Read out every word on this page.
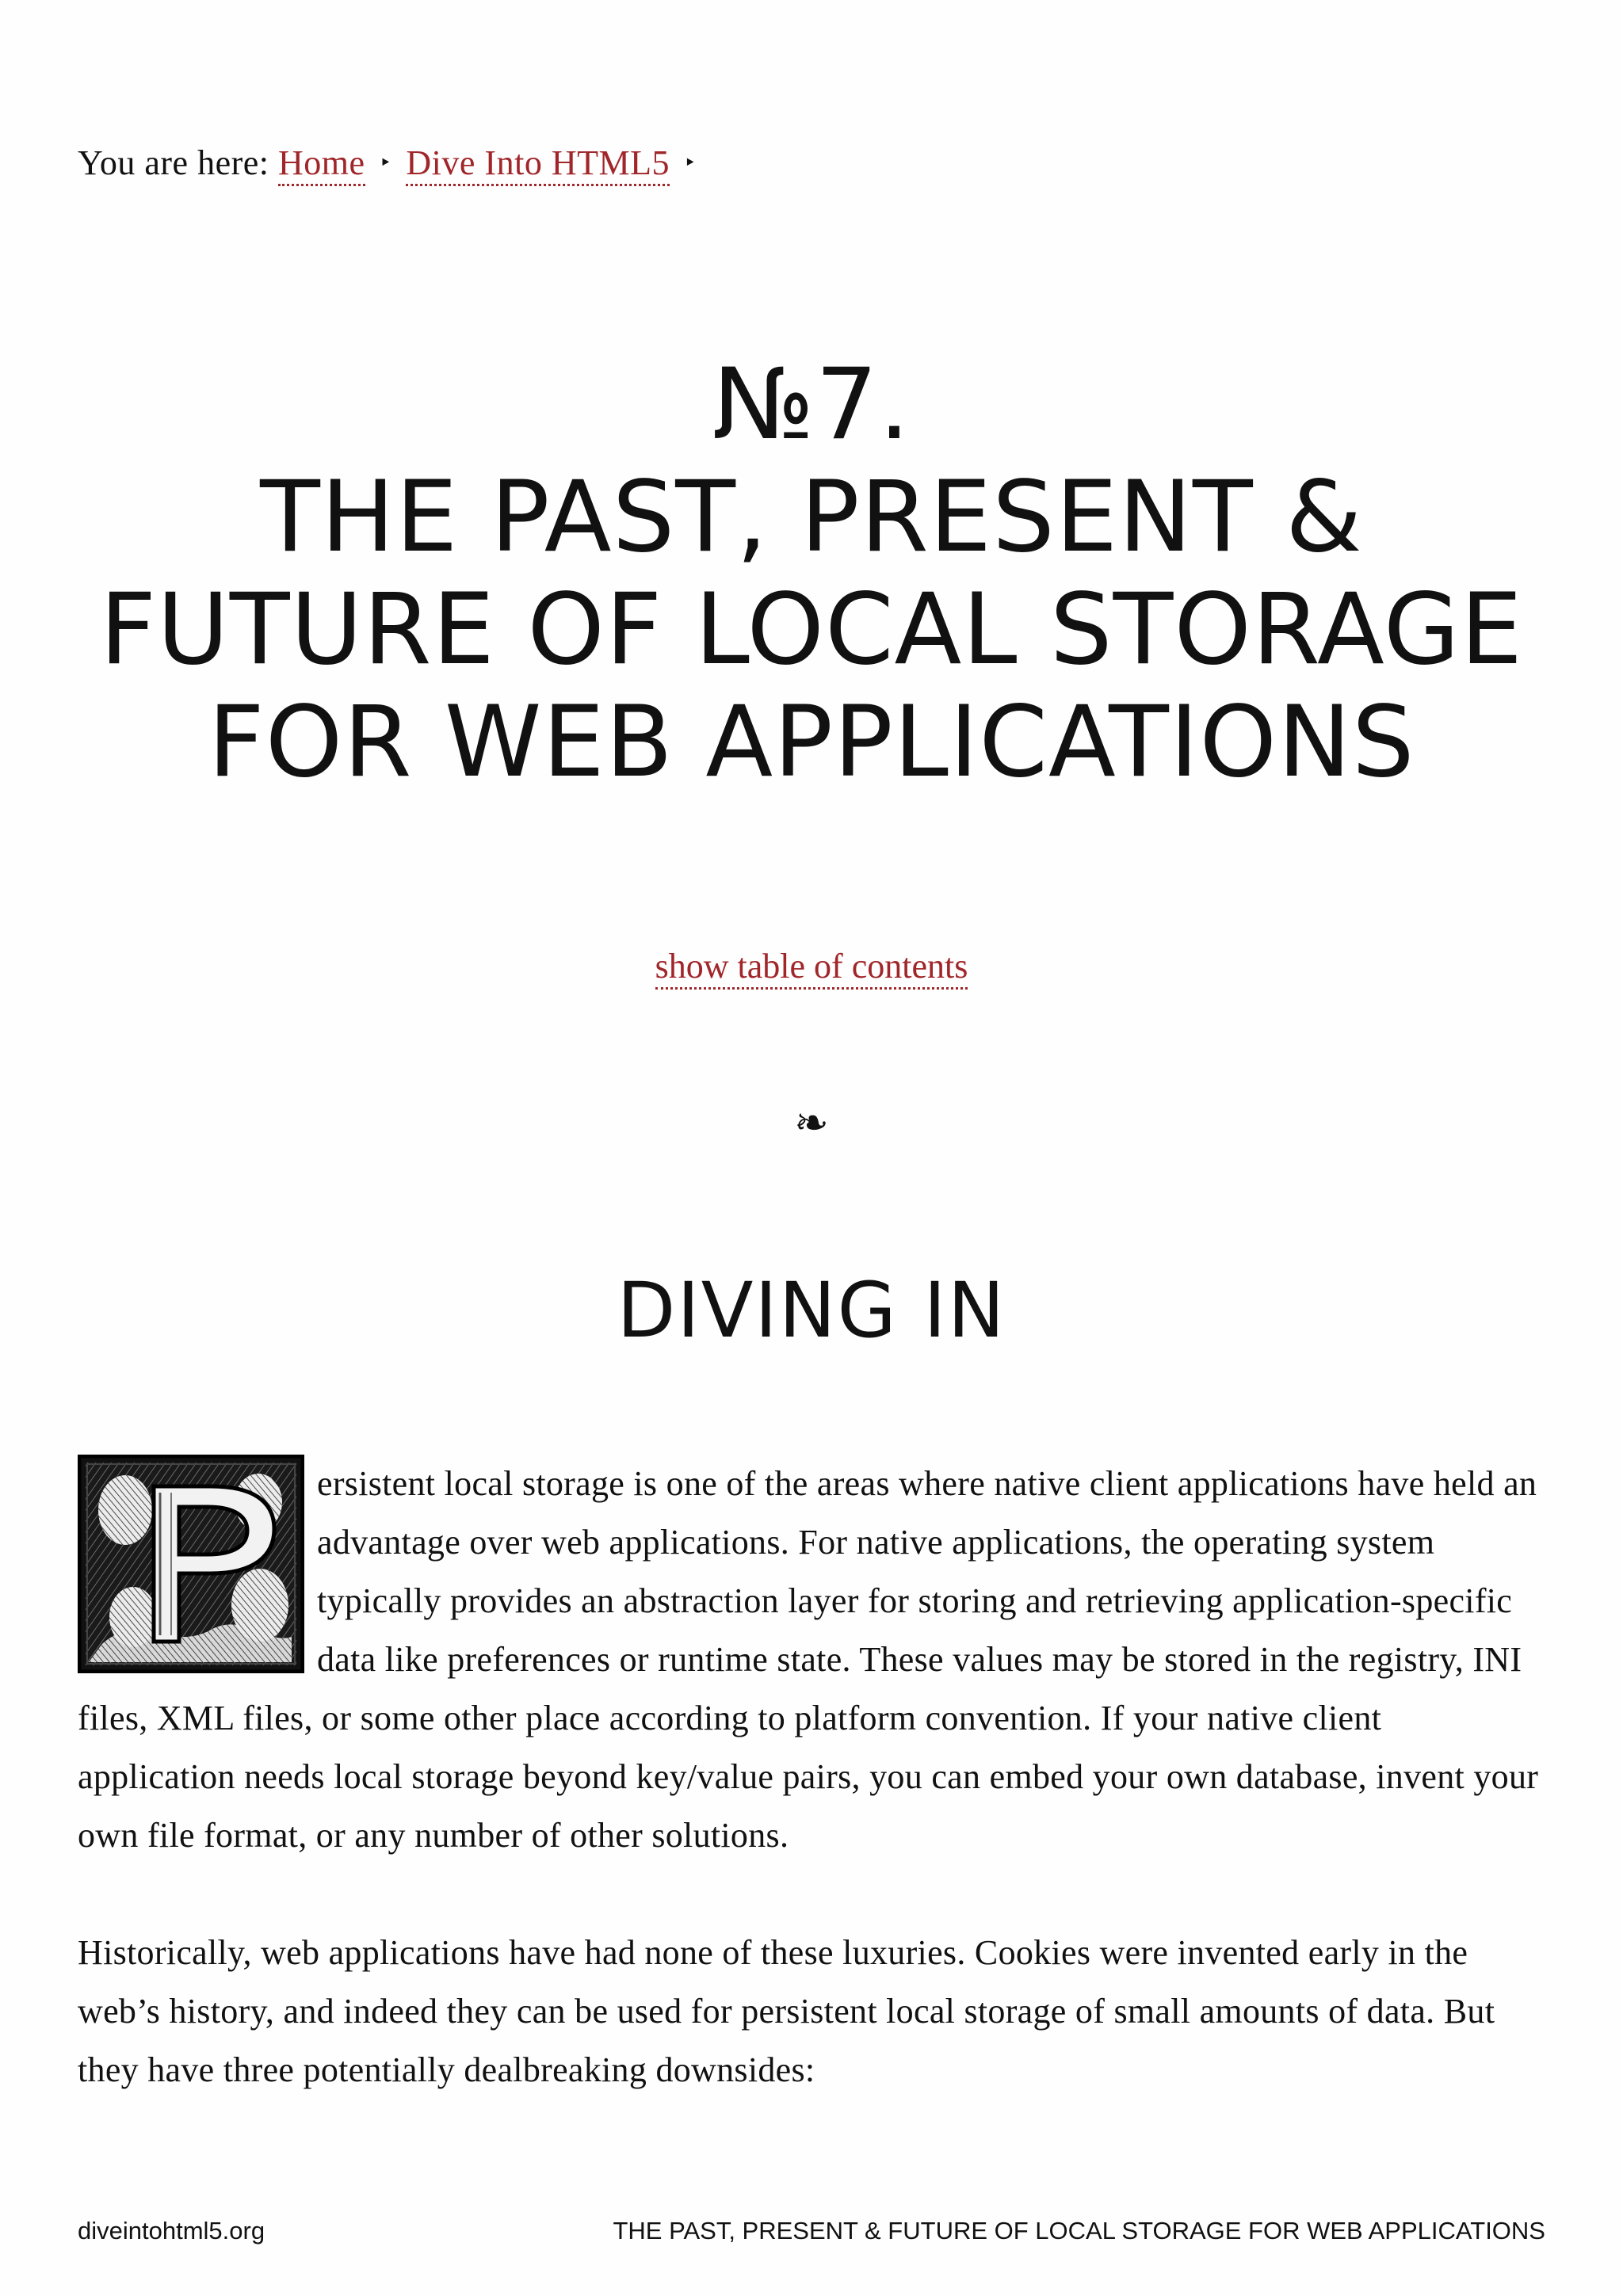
You are here: Home ‣ Dive Into HTML5 ‣
№7.
THE PAST, PRESENT &
FUTURE OF LOCAL STORAGE
FOR WEB APPLICATIONS
show table of contents
❧
DIVING IN

ersistent local storage is one of the areas where native client applications have held an advantage over web applications. For native applications, the operating system typically provides an abstraction layer for storing and retrieving application-specific data like preferences or runtime state. These values may be stored in the registry, INI files, XML files, or some other place according to platform convention. If your native client application needs local storage beyond key/value pairs, you can embed your own database, invent your own file format, or any number of other solutions.

Historically, web applications have had none of these luxuries. Cookies were invented early in the web’s history, and indeed they can be used for persistent local storage of small amounts of data. But they have three potentially dealbreaking downsides:

diveintohtml5.org	THE PAST, PRESENT & FUTURE OF LOCAL STORAGE FOR WEB APPLICATIONS
